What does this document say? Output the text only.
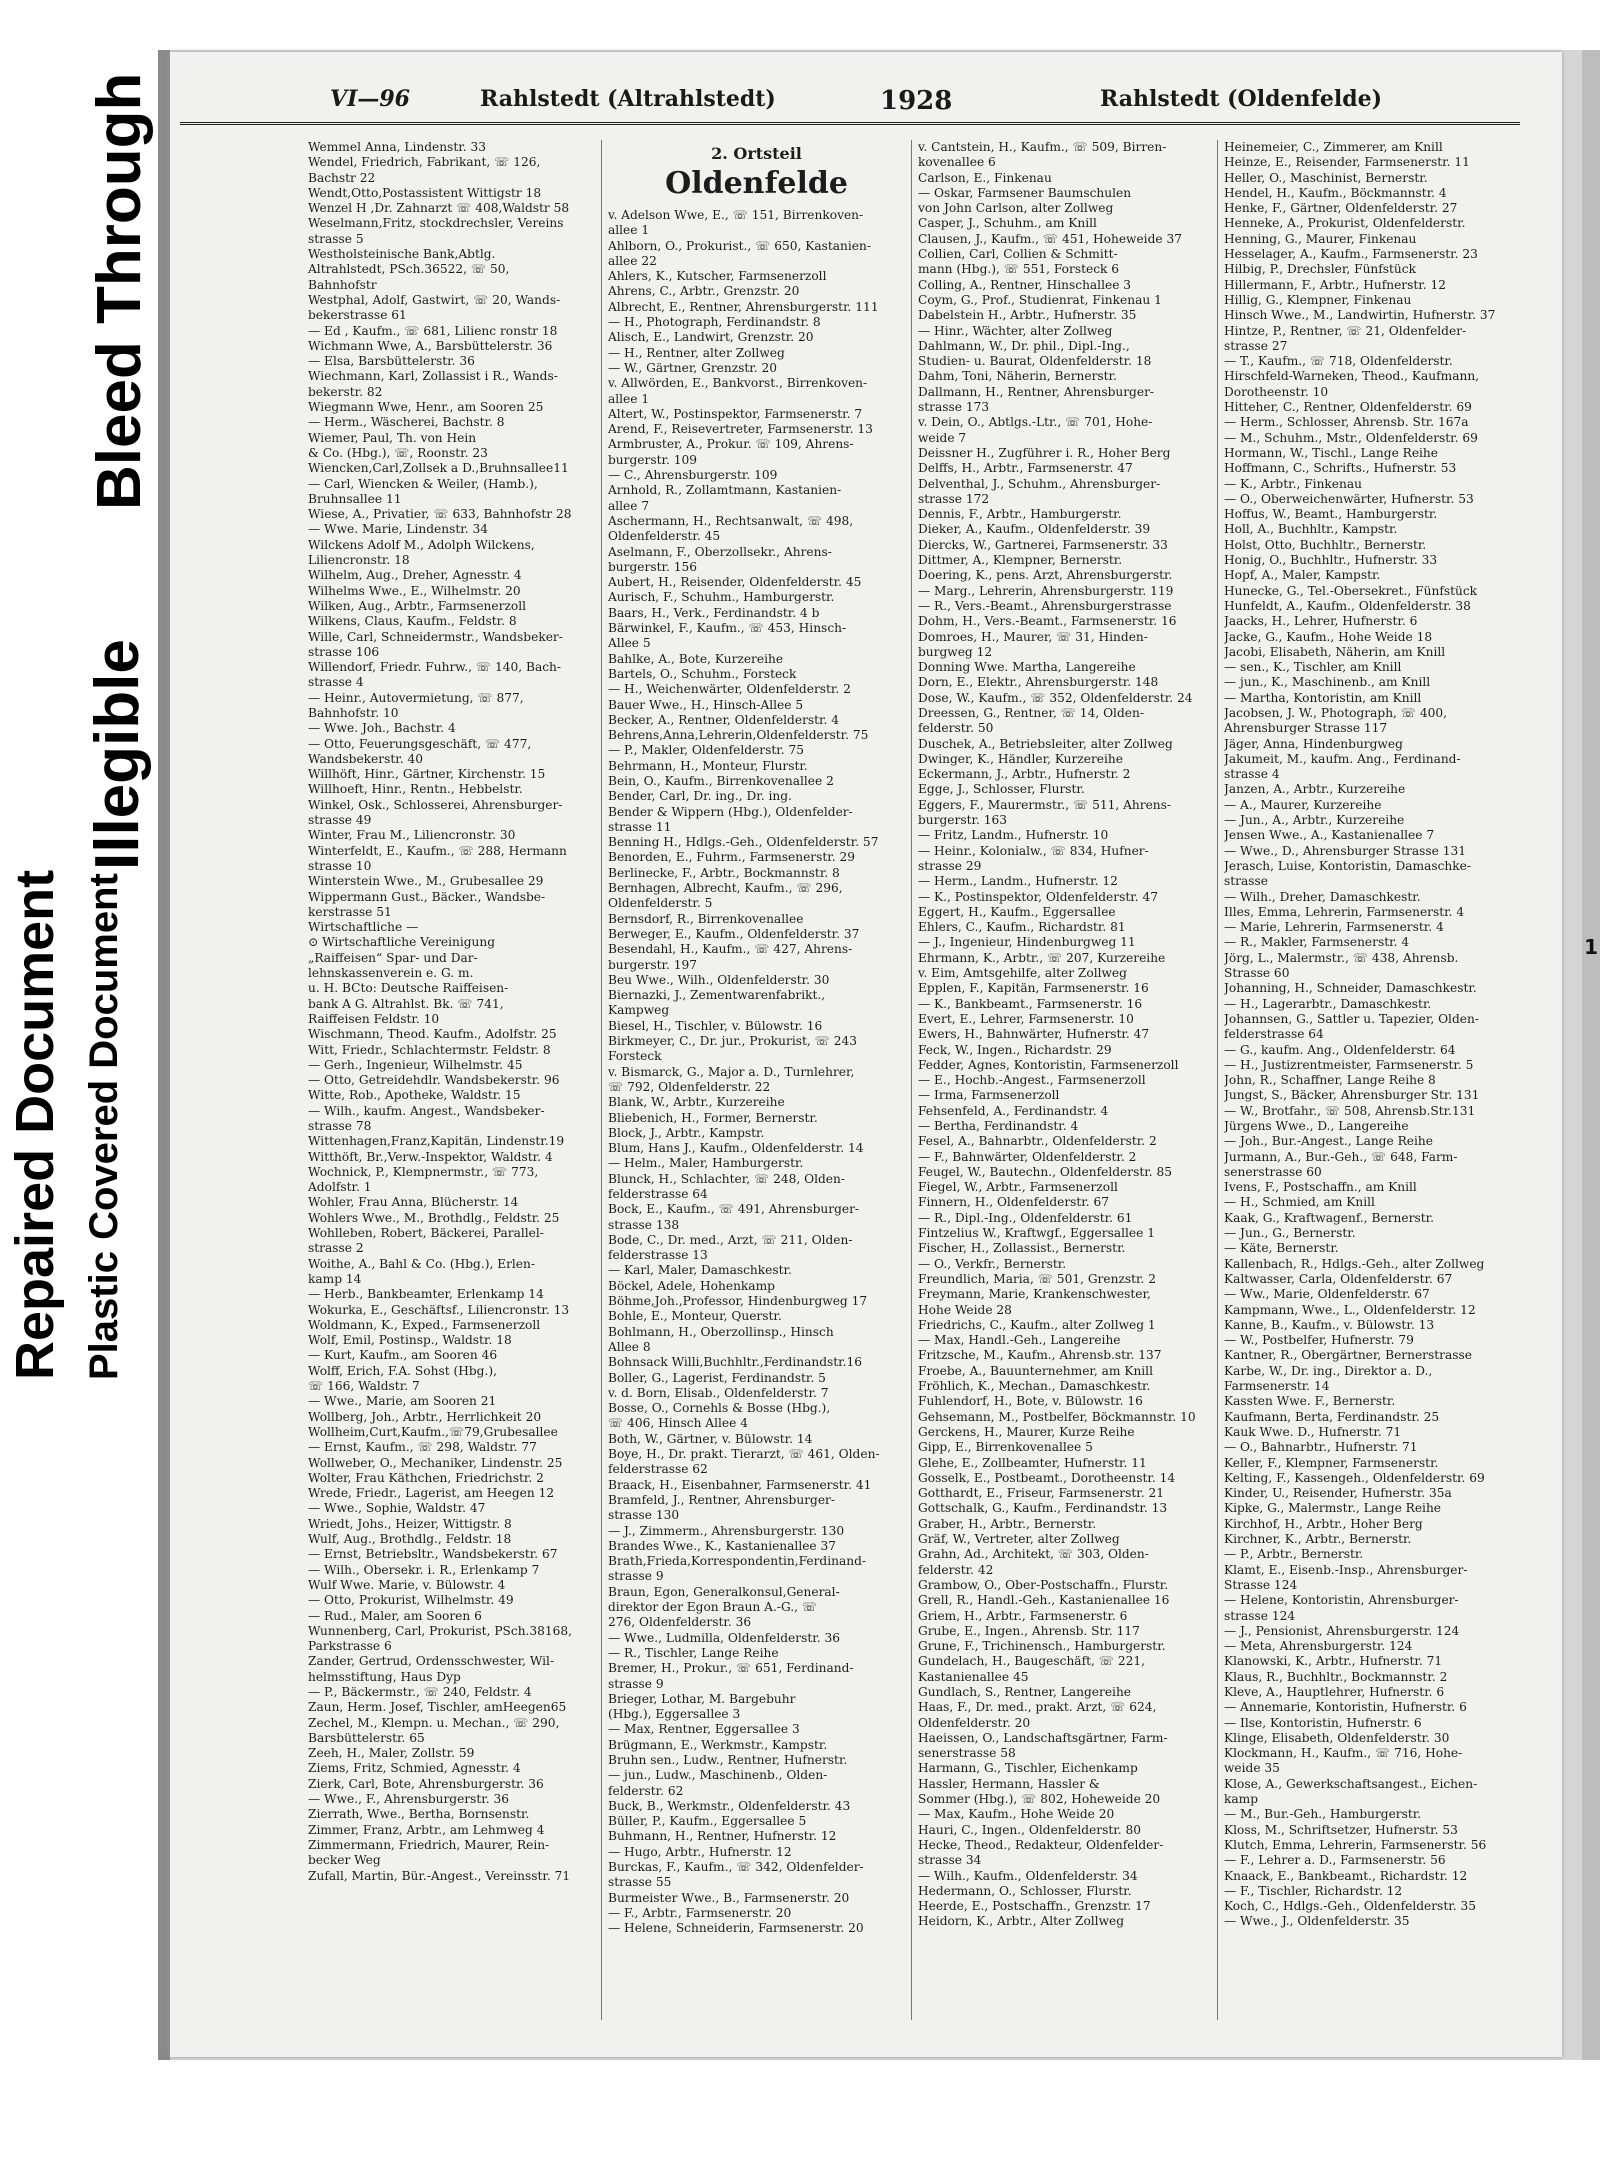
Repaired Document Plastic Covered Document
Illegible
Bleed Through
1
VI—96	Rahlstedt (Altrahlstedt)	1928	Rahlstedt (Oldenfelde)
Wemmel Anna, Lindenstr. 33
Wendel, Friedrich, Fabrikant, ☏ 126,
Bachstr 22
Wendt,Otto,Postassistent Wittigstr 18
Wenzel H ,Dr. Zahnarzt ☏ 408,Waldstr 58
Weselmann,Fritz, stockdrechsler, Vereins
strasse 5
Westholsteinische Bank,Abtlg.
Altrahlstedt, PSch.36522, ☏ 50,
Bahnhofstr
Westphal, Adolf, Gastwirt, ☏ 20, Wands-
bekerstrasse 61
— Ed , Kaufm., ☏ 681, Lilienc ronstr 18
Wichmann Wwe, A., Barsbüttelerstr. 36
— Elsa, Barsbüttelerstr. 36
Wiechmann, Karl, Zollassist i R., Wands-
bekerstr. 82
Wiegmann Wwe, Henr., am Sooren 25
— Herm., Wäscherei, Bachstr. 8
Wiemer, Paul, Th. von Hein
& Co. (Hbg.), ☏, Roonstr. 23
Wiencken,Carl,Zollsek a D.,Bruhnsallee11
— Carl, Wiencken & Weiler, (Hamb.),
Bruhnsallee 11
Wiese, A., Privatier, ☏ 633, Bahnhofstr 28
— Wwe. Marie, Lindenstr. 34
Wilckens Adolf M., Adolph Wilckens,
Liliencronstr. 18
Wilhelm, Aug., Dreher, Agnesstr. 4
Wilhelms Wwe., E., Wilhelmstr. 20
Wilken, Aug., Arbtr., Farmsenerzoll
Wilkens, Claus, Kaufm., Feldstr. 8
Wille, Carl, Schneidermstr., Wandsbeker-
strasse 106
Willendorf, Friedr. Fuhrw., ☏ 140, Bach-
strasse 4
— Heinr., Autovermietung, ☏ 877,
Bahnhofstr. 10
— Wwe. Joh., Bachstr. 4
— Otto, Feuerungsgeschäft, ☏ 477,
Wandsbekerstr. 40
Willhöft, Hinr., Gärtner, Kirchenstr. 15
Willhoeft, Hinr., Rentn., Hebbelstr.
Winkel, Osk., Schlosserei, Ahrensburger-
strasse 49
Winter, Frau M., Liliencronstr. 30
Winterfeldt, E., Kaufm., ☏ 288, Hermann
strasse 10
Winterstein Wwe., M., Grubesallee 29
Wippermann Gust., Bäcker., Wandsbe-
kerstrasse 51
Wirtschaftliche —
⊙ Wirtschaftliche Vereinigung
„Raiffeisen“ Spar- und Dar-
lehnskassenverein e. G. m.
u. H. BCto: Deutsche Raiffeisen-
bank A G. Altrahlst. Bk. ☏ 741,
Raiffeisen Feldstr. 10
Wischmann, Theod. Kaufm., Adolfstr. 25
Witt, Friedr., Schlachtermstr. Feldstr. 8
— Gerh., Ingenieur, Wilhelmstr. 45
— Otto, Getreidehdlr. Wandsbekerstr. 96
Witte, Rob., Apotheke, Waldstr. 15
— Wilh., kaufm. Angest., Wandsbeker-
strasse 78
Wittenhagen,Franz,Kapitän, Lindenstr.19
Witthöft, Br.,Verw.-Inspektor, Waldstr. 4
Wochnick, P., Klempnermstr., ☏ 773,
Adolfstr. 1
Wohler, Frau Anna, Blücherstr. 14
Wohlers Wwe., M., Brothdlg., Feldstr. 25
Wohlleben, Robert, Bäckerei, Parallel-
strasse 2
Woithe, A., Bahl & Co. (Hbg.), Erlen-
kamp 14
— Herb., Bankbeamter, Erlenkamp 14
Wokurka, E., Geschäftsf., Liliencronstr. 13
Woldmann, K., Exped., Farmsenerzoll
Wolf, Emil, Postinsp., Waldstr. 18
— Kurt, Kaufm., am Sooren 46
Wolff, Erich, F.A. Sohst (Hbg.),
☏ 166, Waldstr. 7
— Wwe., Marie, am Sooren 21
Wollberg, Joh., Arbtr., Herrlichkeit 20
Wollheim,Curt,Kaufm.,☏79,Grubesallee
— Ernst, Kaufm., ☏ 298, Waldstr. 77
Wollweber, O., Mechaniker, Lindenstr. 25
Wolter, Frau Käthchen, Friedrichstr. 2
Wrede, Friedr., Lagerist, am Heegen 12
— Wwe., Sophie, Waldstr. 47
Wriedt, Johs., Heizer, Wittigstr. 8
Wulf, Aug., Brothdlg., Feldstr. 18
— Ernst, Betriebsltr., Wandsbekerstr. 67
— Wilh., Obersekr. i. R., Erlenkamp 7
Wulf Wwe. Marie, v. Bülowstr. 4
— Otto, Prokurist, Wilhelmstr. 49
— Rud., Maler, am Sooren 6
Wunnenberg, Carl, Prokurist, PSch.38168,
Parkstrasse 6
Zander, Gertrud, Ordensschwester, Wil-
helmsstiftung, Haus Dyp
— P., Bäckermstr., ☏ 240, Feldstr. 4
Zaun, Herm. Josef, Tischler, amHeegen65
Zechel, M., Klempn. u. Mechan., ☏ 290,
Barsbüttelerstr. 65
Zeeh, H., Maler, Zollstr. 59
Ziems, Fritz, Schmied, Agnesstr. 4
Zierk, Carl, Bote, Ahrensburgerstr. 36
— Wwe., F., Ahrensburgerstr. 36
Zierrath, Wwe., Bertha, Bornsenstr.
Zimmer, Franz, Arbtr., am Lehmweg 4
Zimmermann, Friedrich, Maurer, Rein-
becker Weg
Zufall, Martin, Bür.-Angest., Vereinsstr. 71
2. Ortsteil
Oldenfelde
v. Adelson Wwe, E., ☏ 151, Birrenkoven-
allee 1
Ahlborn, O., Prokurist., ☏ 650, Kastanien-
allee 22
Ahlers, K., Kutscher, Farmsenerzoll
Ahrens, C., Arbtr., Grenzstr. 20
Albrecht, E., Rentner, Ahrensburgerstr. 111
— H., Photograph, Ferdinandstr. 8
Alisch, E., Landwirt, Grenzstr. 20
— H., Rentner, alter Zollweg
— W., Gärtner, Grenzstr. 20
v. Allwörden, E., Bankvorst., Birrenkoven-
allee 1
Altert, W., Postinspektor, Farmsenerstr. 7
Arend, F., Reisevertreter, Farmsenerstr. 13
Armbruster, A., Prokur. ☏ 109, Ahrens-
burgerstr. 109
— C., Ahrensburgerstr. 109
Arnhold, R., Zollamtmann, Kastanien-
allee 7
Aschermann, H., Rechtsanwalt, ☏ 498,
Oldenfelderstr. 45
Aselmann, F., Oberzollsekr., Ahrens-
burgerstr. 156
Aubert, H., Reisender, Oldenfelderstr. 45
Aurisch, F., Schuhm., Hamburgerstr.
Baars, H., Verk., Ferdinandstr. 4 b
Bärwinkel, F., Kaufm., ☏ 453, Hinsch-
Allee 5
Bahlke, A., Bote, Kurzereihe
Bartels, O., Schuhm., Forsteck
— H., Weichenwärter, Oldenfelderstr. 2
Bauer Wwe., H., Hinsch-Allee 5
Becker, A., Rentner, Oldenfelderstr. 4
Behrens,Anna,Lehrerin,Oldenfelderstr. 75
— P., Makler, Oldenfelderstr. 75
Behrmann, H., Monteur, Flurstr.
Bein, O., Kaufm., Birrenkovenallee 2
Bender, Carl, Dr. ing., Dr. ing.
Bender & Wippern (Hbg.), Oldenfelder-
strasse 11
Benning H., Hdlgs.-Geh., Oldenfelderstr. 57
Benorden, E., Fuhrm., Farmsenerstr. 29
Berlinecke, F., Arbtr., Bockmannstr. 8
Bernhagen, Albrecht, Kaufm., ☏ 296,
Oldenfelderstr. 5
Bernsdorf, R., Birrenkovenallee
Berweger, E., Kaufm., Oldenfelderstr. 37
Besendahl, H., Kaufm., ☏ 427, Ahrens-
burgerstr. 197
Beu Wwe., Wilh., Oldenfelderstr. 30
Biernazki, J., Zementwarenfabrikt.,
Kampweg
Biesel, H., Tischler, v. Bülowstr. 16
Birkmeyer, C., Dr. jur., Prokurist, ☏ 243
Forsteck
v. Bismarck, G., Major a. D., Turnlehrer,
☏ 792, Oldenfelderstr. 22
Blank, W., Arbtr., Kurzereihe
Bliebenich, H., Former, Bernerstr.
Block, J., Arbtr., Kampstr.
Blum, Hans J., Kaufm., Oldenfelderstr. 14
— Helm., Maler, Hamburgerstr.
Blunck, H., Schlachter, ☏ 248, Olden-
felderstrasse 64
Bock, E., Kaufm., ☏ 491, Ahrensburger-
strasse 138
Bode, C., Dr. med., Arzt, ☏ 211, Olden-
felderstrasse 13
— Karl, Maler, Damaschkestr.
Böckel, Adele, Hohenkamp
Böhme,Joh.,Professor, Hindenburgweg 17
Bohle, E., Monteur, Querstr.
Bohlmann, H., Oberzollinsp., Hinsch
Allee 8
Bohnsack Willi,Buchhltr.,Ferdinandstr.16
Boller, G., Lagerist, Ferdinandstr. 5
v. d. Born, Elisab., Oldenfelderstr. 7
Bosse, O., Cornehls & Bosse (Hbg.),
☏ 406, Hinsch Allee 4
Both, W., Gärtner, v. Bülowstr. 14
Boye, H., Dr. prakt. Tierarzt, ☏ 461, Olden-
felderstrasse 62
Braack, H., Eisenbahner, Farmsenerstr. 41
Bramfeld, J., Rentner, Ahrensburger-
strasse 130
— J., Zimmerm., Ahrensburgerstr. 130
Brandes Wwe., K., Kastanienallee 37
Brath,Frieda,Korrespondentin,Ferdinand-
strasse 9
Braun, Egon, Generalkonsul,General-
direktor der Egon Braun A.-G., ☏
276, Oldenfelderstr. 36
— Wwe., Ludmilla, Oldenfelderstr. 36
— R., Tischler, Lange Reihe
Bremer, H., Prokur., ☏ 651, Ferdinand-
strasse 9
Brieger, Lothar, M. Bargebuhr
(Hbg.), Eggersallee 3
— Max, Rentner, Eggersallee 3
Brügmann, E., Werkmstr., Kampstr.
Bruhn sen., Ludw., Rentner, Hufnerstr.
— jun., Ludw., Maschinenb., Olden-
felderstr. 62
Buck, B., Werkmstr., Oldenfelderstr. 43
Büller, P., Kaufm., Eggersallee 5
Buhmann, H., Rentner, Hufnerstr. 12
— Hugo, Arbtr., Hufnerstr. 12
Burckas, F., Kaufm., ☏ 342, Oldenfelder-
strasse 55
Burmeister Wwe., B., Farmsenerstr. 20
— F., Arbtr., Farmsenerstr. 20
— Helene, Schneiderin, Farmsenerstr. 20
v. Cantstein, H., Kaufm., ☏ 509, Birren-
kovenallee 6
Carlson, E., Finkenau
— Oskar, Farmsener Baumschulen
von John Carlson, alter Zollweg
Casper, J., Schuhm., am Knill
Clausen, J., Kaufm., ☏ 451, Hoheweide 37
Collien, Carl, Collien & Schmitt-
mann (Hbg.), ☏ 551, Forsteck 6
Colling, A., Rentner, Hinschallee 3
Coym, G., Prof., Studienrat, Finkenau 1
Dabelstein H., Arbtr., Hufnerstr. 35
— Hinr., Wächter, alter Zollweg
Dahlmann, W., Dr. phil., Dipl.-Ing.,
Studien- u. Baurat, Oldenfelderstr. 18
Dahm, Toni, Näherin, Bernerstr.
Dallmann, H., Rentner, Ahrensburger-
strasse 173
v. Dein, O., Abtlgs.-Ltr., ☏ 701, Hohe-
weide 7
Deissner H., Zugführer i. R., Hoher Berg
Delffs, H., Arbtr., Farmsenerstr. 47
Delventhal, J., Schuhm., Ahrensburger-
strasse 172
Dennis, F., Arbtr., Hamburgerstr.
Dieker, A., Kaufm., Oldenfelderstr. 39
Diercks, W., Gartnerei, Farmsenerstr. 33
Dittmer, A., Klempner, Bernerstr.
Doering, K., pens. Arzt, Ahrensburgerstr.
— Marg., Lehrerin, Ahrensburgerstr. 119
— R., Vers.-Beamt., Ahrensburgerstrasse
Dohm, H., Vers.-Beamt., Farmsenerstr. 16
Domroes, H., Maurer, ☏ 31, Hinden-
burgweg 12
Donning Wwe. Martha, Langereihe
Dorn, E., Elektr., Ahrensburgerstr. 148
Dose, W., Kaufm., ☏ 352, Oldenfelderstr. 24
Dreessen, G., Rentner, ☏ 14, Olden-
felderstr. 50
Duschek, A., Betriebsleiter, alter Zollweg
Dwinger, K., Händler, Kurzereihe
Eckermann, J., Arbtr., Hufnerstr. 2
Egge, J., Schlosser, Flurstr.
Eggers, F., Maurermstr., ☏ 511, Ahrens-
burgerstr. 163
— Fritz, Landm., Hufnerstr. 10
— Heinr., Kolonialw., ☏ 834, Hufner-
strasse 29
— Herm., Landm., Hufnerstr. 12
— K., Postinspektor, Oldenfelderstr. 47
Eggert, H., Kaufm., Eggersallee
Ehlers, C., Kaufm., Richardstr. 81
— J., Ingenieur, Hindenburgweg 11
Ehrmann, K., Arbtr., ☏ 207, Kurzereihe
v. Eim, Amtsgehilfe, alter Zollweg
Epplen, F., Kapitän, Farmsenerstr. 16
— K., Bankbeamt., Farmsenerstr. 16
Evert, E., Lehrer, Farmsenerstr. 10
Ewers, H., Bahnwärter, Hufnerstr. 47
Feck, W., Ingen., Richardstr. 29
Fedder, Agnes, Kontoristin, Farmsenerzoll
— E., Hochb.-Angest., Farmsenerzoll
— Irma, Farmsenerzoll
Fehsenfeld, A., Ferdinandstr. 4
— Bertha, Ferdinandstr. 4
Fesel, A., Bahnarbtr., Oldenfelderstr. 2
— F., Bahnwärter, Oldenfelderstr. 2
Feugel, W., Bautechn., Oldenfelderstr. 85
Fiegel, W., Arbtr., Farmsenerzoll
Finnern, H., Oldenfelderstr. 67
— R., Dipl.-Ing., Oldenfelderstr. 61
Fintzelius W., Kraftwgf., Eggersallee 1
Fischer, H., Zollassist., Bernerstr.
— O., Verkfr., Bernerstr.
Freundlich, Maria, ☏ 501, Grenzstr. 2
Freymann, Marie, Krankenschwester,
Hohe Weide 28
Friedrichs, C., Kaufm., alter Zollweg 1
— Max, Handl.-Geh., Langereihe
Fritzsche, M., Kaufm., Ahrensb.str. 137
Froebe, A., Bauunternehmer, am Knill
Fröhlich, K., Mechan., Damaschkestr.
Fuhlendorf, H., Bote, v. Bülowstr. 16
Gehsemann, M., Postbelfer, Böckmannstr. 10
Gerckens, H., Maurer, Kurze Reihe
Gipp, E., Birrenkovenallee 5
Glehe, E., Zollbeamter, Hufnerstr. 11
Gosselk, E., Postbeamt., Dorotheenstr. 14
Gotthardt, E., Friseur, Farmsenerstr. 21
Gottschalk, G., Kaufm., Ferdinandstr. 13
Graber, H., Arbtr., Bernerstr.
Gräf, W., Vertreter, alter Zollweg
Grahn, Ad., Architekt, ☏ 303, Olden-
felderstr. 42
Grambow, O., Ober-Postschaffn., Flurstr.
Grell, R., Handl.-Geh., Kastanienallee 16
Griem, H., Arbtr., Farmsenerstr. 6
Grube, E., Ingen., Ahrensb. Str. 117
Grune, F., Trichinensch., Hamburgerstr.
Gundelach, H., Baugeschäft, ☏ 221,
Kastanienallee 45
Gundlach, S., Rentner, Langereihe
Haas, F., Dr. med., prakt. Arzt, ☏ 624,
Oldenfelderstr. 20
Haeissen, O., Landschaftsgärtner, Farm-
senerstrasse 58
Harmann, G., Tischler, Eichenkamp
Hassler, Hermann, Hassler &
Sommer (Hbg.), ☏ 802, Hoheweide 20
— Max, Kaufm., Hohe Weide 20
Hauri, C., Ingen., Oldenfelderstr. 80
Hecke, Theod., Redakteur, Oldenfelder-
strasse 34
— Wilh., Kaufm., Oldenfelderstr. 34
Hedermann, O., Schlosser, Flurstr.
Heerde, E., Postschaffn., Grenzstr. 17
Heidorn, K., Arbtr., Alter Zollweg
Heinemeier, C., Zimmerer, am Knill
Heinze, E., Reisender, Farmsenerstr. 11
Heller, O., Maschinist, Bernerstr.
Hendel, H., Kaufm., Böckmannstr. 4
Henke, F., Gärtner, Oldenfelderstr. 27
Henneke, A., Prokurist, Oldenfelderstr.
Henning, G., Maurer, Finkenau
Hesselager, A., Kaufm., Farmsenerstr. 23
Hilbig, P., Drechsler, Fünfstück
Hillermann, F., Arbtr., Hufnerstr. 12
Hillig, G., Klempner, Finkenau
Hinsch Wwe., M., Landwirtin, Hufnerstr. 37
Hintze, P., Rentner, ☏ 21, Oldenfelder-
strasse 27
— T., Kaufm., ☏ 718, Oldenfelderstr.
Hirschfeld-Warneken, Theod., Kaufmann,
Dorotheenstr. 10
Hitteher, C., Rentner, Oldenfelderstr. 69
— Herm., Schlosser, Ahrensb. Str. 167a
— M., Schuhm., Mstr., Oldenfelderstr. 69
Hormann, W., Tischl., Lange Reihe
Hoffmann, C., Schrifts., Hufnerstr. 53
— K., Arbtr., Finkenau
— O., Oberweichenwärter, Hufnerstr. 53
Hoffus, W., Beamt., Hamburgerstr.
Holl, A., Buchhltr., Kampstr.
Holst, Otto, Buchhltr., Bernerstr.
Honig, O., Buchhltr., Hufnerstr. 33
Hopf, A., Maler, Kampstr.
Hunecke, G., Tel.-Obersekret., Fünfstück
Hunfeldt, A., Kaufm., Oldenfelderstr. 38
Jaacks, H., Lehrer, Hufnerstr. 6
Jacke, G., Kaufm., Hohe Weide 18
Jacobi, Elisabeth, Näherin, am Knill
— sen., K., Tischler, am Knill
— jun., K., Maschinenb., am Knill
— Martha, Kontoristin, am Knill
Jacobsen, J. W., Photograph, ☏ 400,
Ahrensburger Strasse 117
Jäger, Anna, Hindenburgweg
Jakumeit, M., kaufm. Ang., Ferdinand-
strasse 4
Janzen, A., Arbtr., Kurzereihe
— A., Maurer, Kurzereihe
— Jun., A., Arbtr., Kurzereihe
Jensen Wwe., A., Kastanienallee 7
— Wwe., D., Ahrensburger Strasse 131
Jerasch, Luise, Kontoristin, Damaschke-
strasse
— Wilh., Dreher, Damaschkestr.
Illes, Emma, Lehrerin, Farmsenerstr. 4
— Marie, Lehrerin, Farmsenerstr. 4
— R., Makler, Farmsenerstr. 4
Jörg, L., Malermstr., ☏ 438, Ahrensb.
Strasse 60
Johanning, H., Schneider, Damaschkestr.
— H., Lagerarbtr., Damaschkestr.
Johannsen, G., Sattler u. Tapezier, Olden-
felderstrasse 64
— G., kaufm. Ang., Oldenfelderstr. 64
— H., Justizrentmeister, Farmsenerstr. 5
John, R., Schaffner, Lange Reihe 8
Jungst, S., Bäcker, Ahrensburger Str. 131
— W., Brotfahr., ☏ 508, Ahrensb.Str.131
Jürgens Wwe., D., Langereihe
— Joh., Bur.-Angest., Lange Reihe
Jurmann, A., Bur.-Geh., ☏ 648, Farm-
senerstrasse 60
Ivens, F., Postschaffn., am Knill
— H., Schmied, am Knill
Kaak, G., Kraftwagenf., Bernerstr.
— Jun., G., Bernerstr.
— Käte, Bernerstr.
Kallenbach, R., Hdlgs.-Geh., alter Zollweg
Kaltwasser, Carla, Oldenfelderstr. 67
— Ww., Marie, Oldenfelderstr. 67
Kampmann, Wwe., L., Oldenfelderstr. 12
Kanne, B., Kaufm., v. Bülowstr. 13
— W., Postbelfer, Hufnerstr. 79
Kantner, R., Obergärtner, Bernerstrasse
Karbe, W., Dr. ing., Direktor a. D.,
Farmsenerstr. 14
Kassten Wwe. F., Bernerstr.
Kaufmann, Berta, Ferdinandstr. 25
Kauk Wwe. D., Hufnerstr. 71
— O., Bahnarbtr., Hufnerstr. 71
Keller, F., Klempner, Farmsenerstr.
Kelting, F., Kassengeh., Oldenfelderstr. 69
Kinder, U., Reisender, Hufnerstr. 35a
Kipke, G., Malermstr., Lange Reihe
Kirchhof, H., Arbtr., Hoher Berg
Kirchner, K., Arbtr., Bernerstr.
— P., Arbtr., Bernerstr.
Klamt, E., Eisenb.-Insp., Ahrensburger-
Strasse 124
— Helene, Kontoristin, Ahrensburger-
strasse 124
— J., Pensionist, Ahrensburgerstr. 124
— Meta, Ahrensburgerstr. 124
Klanowski, K., Arbtr., Hufnerstr. 71
Klaus, R., Buchhltr., Bockmannstr. 2
Kleve, A., Hauptlehrer, Hufnerstr. 6
— Annemarie, Kontoristin, Hufnerstr. 6
— Ilse, Kontoristin, Hufnerstr. 6
Klinge, Elisabeth, Oldenfelderstr. 30
Klockmann, H., Kaufm., ☏ 716, Hohe-
weide 35
Klose, A., Gewerkschaftsangest., Eichen-
kamp
— M., Bur.-Geh., Hamburgerstr.
Kloss, M., Schriftsetzer, Hufnerstr. 53
Klutch, Emma, Lehrerin, Farmsenerstr. 56
— F., Lehrer a. D., Farmsenerstr. 56
Knaack, E., Bankbeamt., Richardstr. 12
— F., Tischler, Richardstr. 12
Koch, C., Hdlgs.-Geh., Oldenfelderstr. 35
— Wwe., J., Oldenfelderstr. 35
